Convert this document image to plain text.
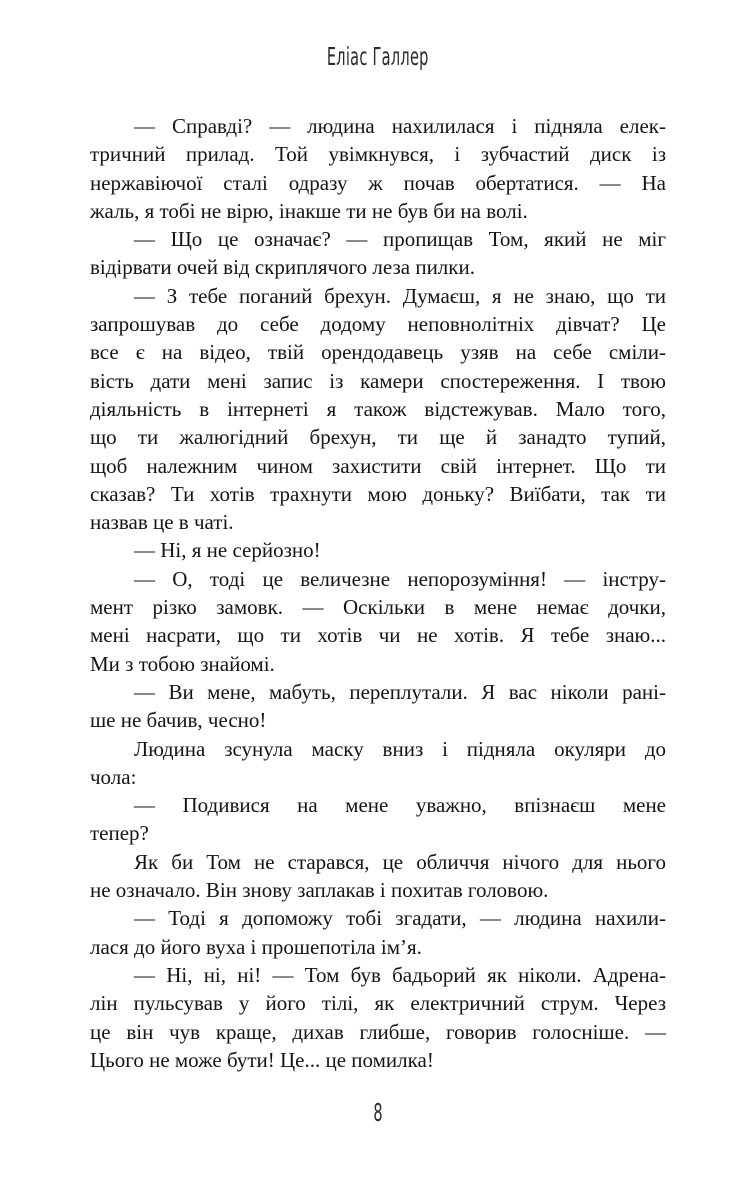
Еліас Галлер

— Справді? — людина нахилилася і підняла елек-
тричний прилад. Той увімкнувся, і зубчастий диск із
нержавіючої сталі одразу ж почав обертатися. — На
жаль, я тобі не вірю, інакше ти не був би на волі.

— Що це означає? — пропищав Том, який не міг
відірвати очей від скриплячого леза пилки.

— З тебе поганий брехун. Думаєш, я не знаю, що ти
запрошував до себе додому неповнолітніх дівчат? Це
все є на відео, твій орендодавець узяв на себе сміли-
вість дати мені запис із камери спостереження. І твою
діяльність в інтернеті я також відстежував. Мало того,
що ти жалюгідний брехун, ти ще й занадто тупий,
щоб належним чином захистити свій інтернет. Що ти
сказав? Ти хотів трахнути мою доньку? Виїбати, так ти
назвав це в чаті.

— Ні, я не серйозно!

— О, тоді це величезне непорозуміння! — інстру-
мент різко замовк. — Оскільки в мене немає дочки,
мені насрати, що ти хотів чи не хотів. Я тебе знаю...
Ми з тобою знайомі.

— Ви мене, мабуть, переплутали. Я вас ніколи рані-
ше не бачив, чесно!

Людина зсунула маску вниз і підняла окуляри до
чола:

— Подивися на мене уважно, впізнаєш мене
тепер?

Як би Том не старався, це обличчя нічого для нього
не означало. Він знову заплакав і похитав головою.

— Тоді я допоможу тобі згадати, — людина нахили-
лася до його вуха і прошепотіла ім’я.

— Ні, ні, ні! — Том був бадьорий як ніколи. Адрена-
лін пульсував у його тілі, як електричний струм. Через
це він чув краще, дихав глибше, говорив голосніше. —
Цього не може бути! Це... це помилка!

8
